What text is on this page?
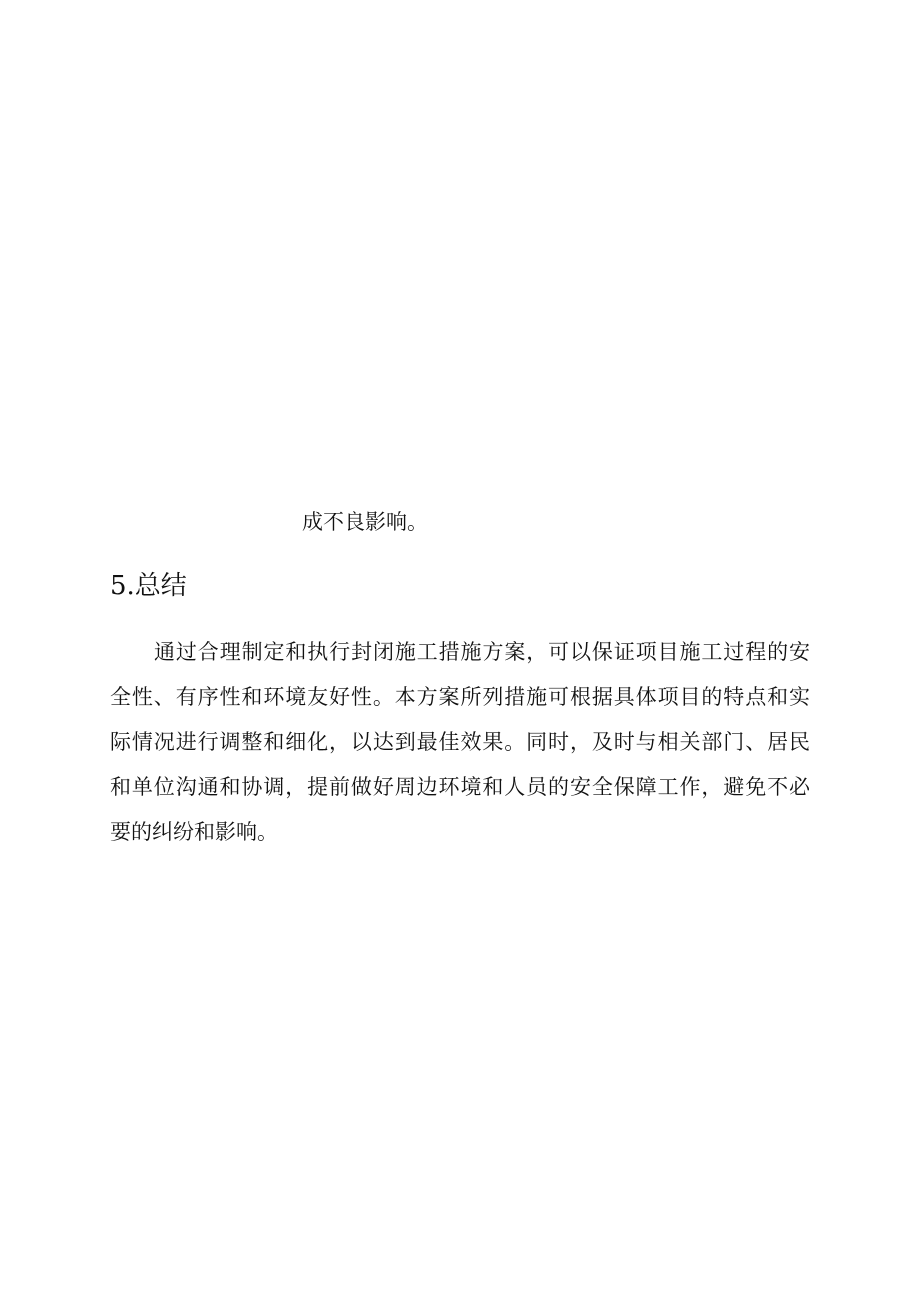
成不良影响。
5.总结
通过合理制定和执行封闭施工措施方案，可以保证项目施工过程的安
全性、有序性和环境友好性。本方案所列措施可根据具体项目的特点和实
际情况进行调整和细化，以达到最佳效果。同时，及时与相关部门、居民
和单位沟通和协调，提前做好周边环境和人员的安全保障工作，避免不必
要的纠纷和影响。
